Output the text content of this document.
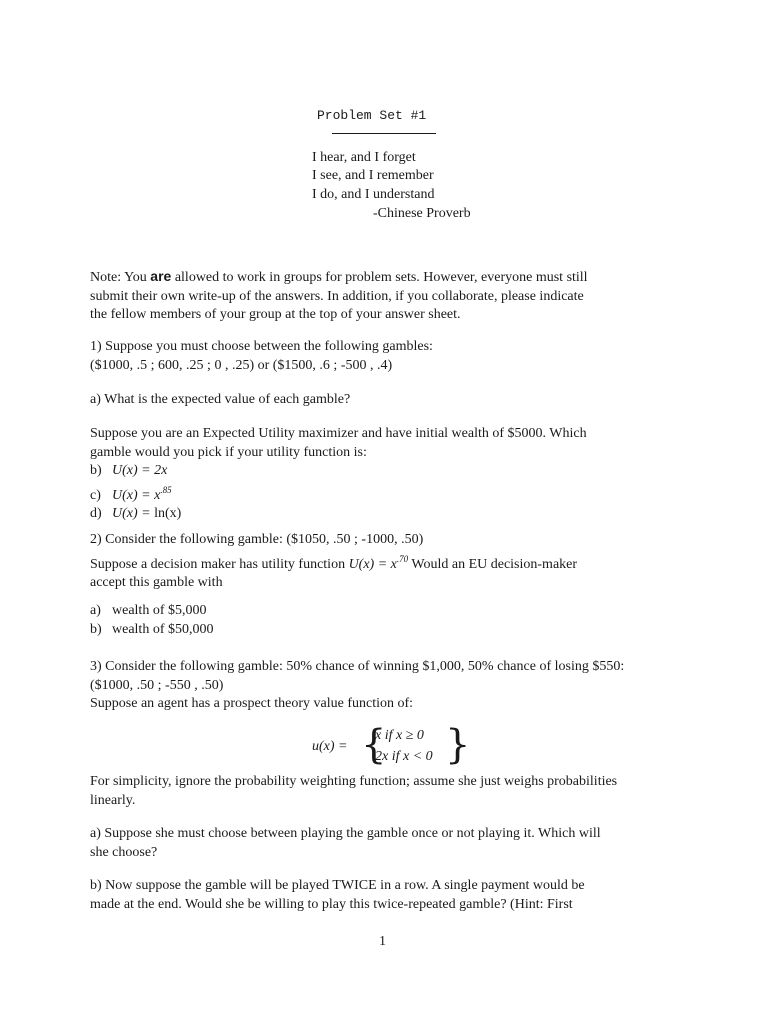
Problem Set #1
I hear, and I forget
I see, and I remember
I do, and I understand
-Chinese Proverb
Note: You are allowed to work in groups for problem sets. However, everyone must still
submit their own write-up of the answers. In addition, if you collaborate, please indicate
the fellow members of your group at the top of your answer sheet.
1) Suppose you must choose between the following gambles:
($1000, .5 ; 600, .25 ; 0 , .25) or ($1500, .6 ; -500 , .4)
a) What is the expected value of each gamble?
Suppose you are an Expected Utility maximizer and have initial wealth of $5000. Which
gamble would you pick if your utility function is:
b) U(x) = 2x
c) $U(x) = x^{.85}$
d) U(x) = ln(x)
2) Consider the following gamble: ($1050, .50 ; -1000, .50)
Suppose a decision maker has utility function $U(x) = x^{.70}$ Would an EU decision-maker
accept this gamble with
a) wealth of $5,000
b) wealth of $50,000
3) Consider the following gamble: 50% chance of winning $1,000, 50% chance of losing $550:
($1000, .50 ; -550 , .50)
Suppose an agent has a prospect theory value function of:
u(x) = {
x if x ≥ 0
2x if x < 0 }
For simplicity, ignore the probability weighting function; assume she just weighs probabilities
linearly.
a) Suppose she must choose between playing the gamble once or not playing it. Which will
she choose?
b) Now suppose the gamble will be played TWICE in a row. A single payment would be
made at the end. Would she be willing to play this twice-repeated gamble? (Hint: First
1
